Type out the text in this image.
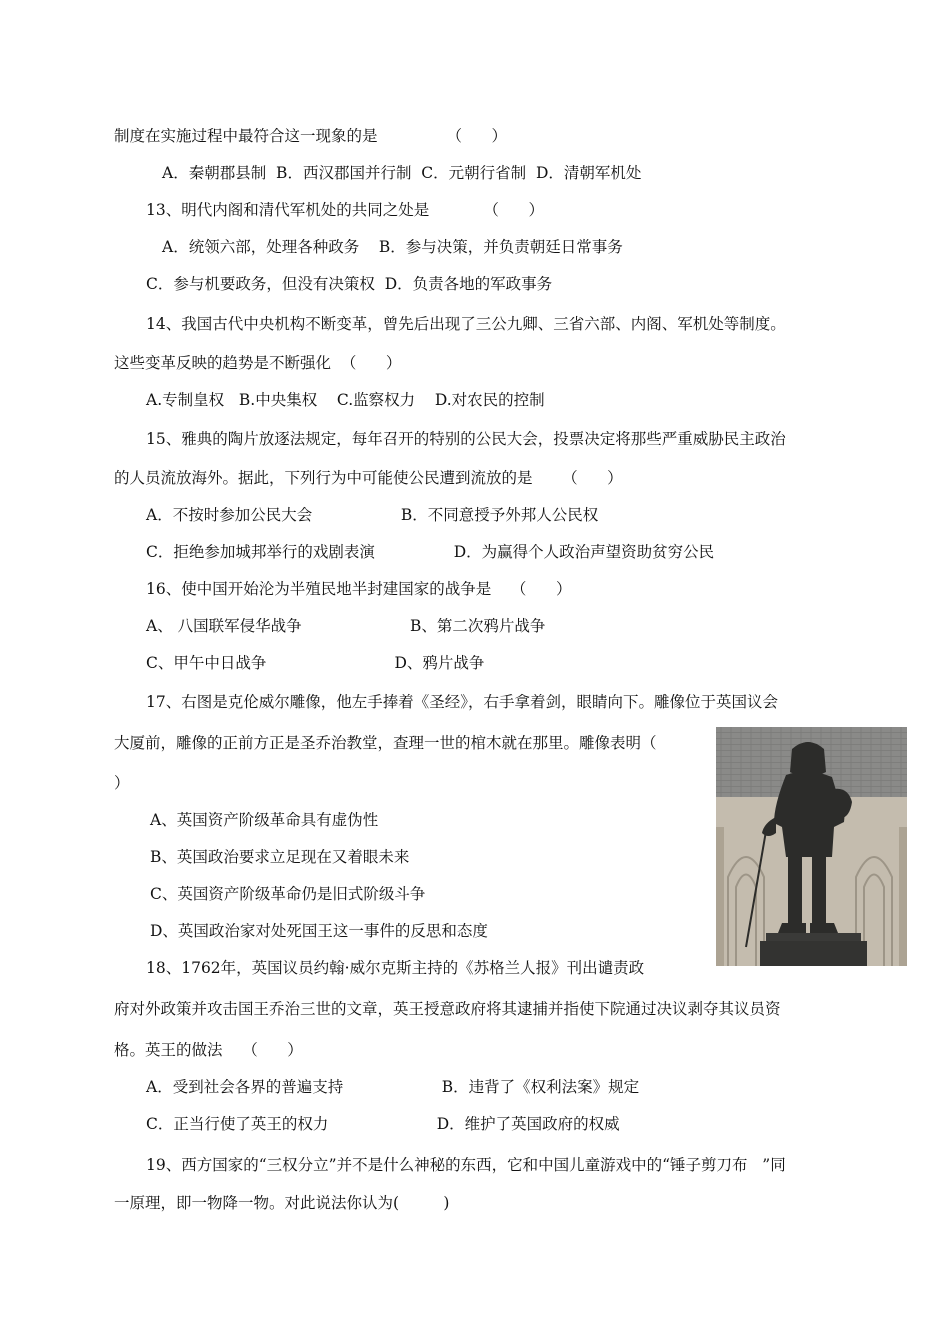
制度在实施过程中最符合这一现象的是              （      ）
A．秦朝郡县制  B．西汉郡国并行制  C．元朝行省制  D．清朝军机处
13、明代内阁和清代军机处的共同之处是           （      ）
A．统领六部，处理各种政务    B．参与决策，并负责朝廷日常事务
C．参与机要政务，但没有决策权  D．负责各地的军政事务
14、我国古代中央机构不断变革，曾先后出现了三公九卿、三省六部、内阁、军机处等制度。
这些变革反映的趋势是不断强化  （      ）
A.专制皇权   B.中央集权    C.监察权力    D.对农民的控制
15、雅典的陶片放逐法规定，每年召开的特别的公民大会，投票决定将那些严重威胁民主政治
的人员流放海外。据此，下列行为中可能使公民遭到流放的是      （      ）
A．不按时参加公民大会                  B．不同意授予外邦人公民权
C．拒绝参加城邦举行的戏剧表演                D．为赢得个人政治声望资助贫穷公民
16、使中国开始沦为半殖民地半封建国家的战争是    （      ）
A、 八国联军侵华战争                      B、第二次鸦片战争
C、甲午中日战争                          D、鸦片战争
17、右图是克伦威尔雕像，他左手捧着《圣经》，右手拿着剑，眼睛向下。雕像位于英国议会
大厦前，雕像的正前方正是圣乔治教堂，查理一世的棺木就在那里。雕像表明（
）
A、英国资产阶级革命具有虚伪性
B、英国政治要求立足现在又着眼未来
C、英国资产阶级革命仍是旧式阶级斗争
D、英国政治家对处死国王这一事件的反思和态度
18、1762年，英国议员约翰·威尔克斯主持的《苏格兰人报》刊出谴责政
府对外政策并攻击国王乔治三世的文章，英王授意政府将其逮捕并指使下院通过决议剥夺其议员资
格。英王的做法    （      ）
A．受到社会各界的普遍支持                    B．违背了《权利法案》规定
C．正当行使了英王的权力                      D．维护了英国政府的权威
19、西方国家的“三权分立”并不是什么神秘的东西，它和中国儿童游戏中的“锤子剪刀布   ”同
一原理，即一物降一物。对此说法你认为(         )
